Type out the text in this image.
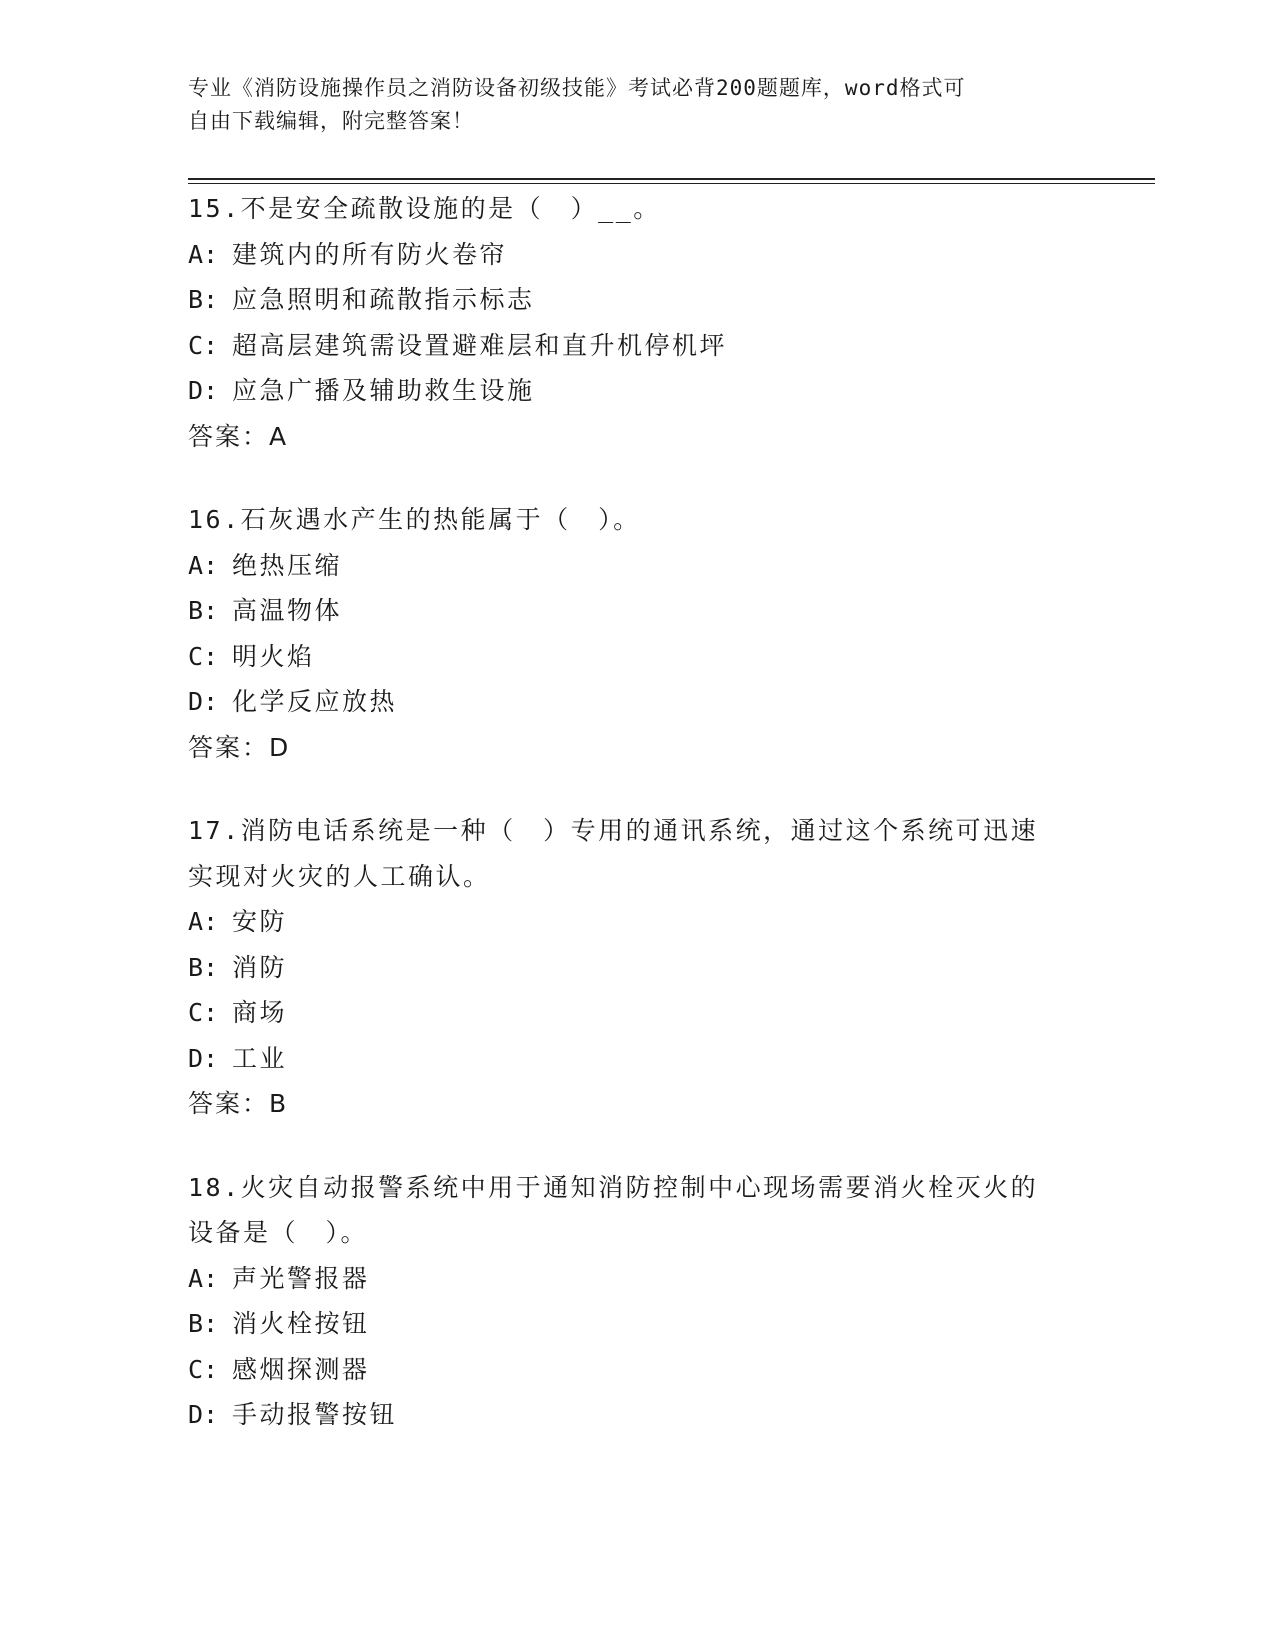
专业《消防设施操作员之消防设备初级技能》考试必背200题题库，word格式可
自由下载编辑，附完整答案！

15.不是安全疏散设施的是（　）__。

A: 建筑内的所有防火卷帘

B: 应急照明和疏散指示标志

C: 超高层建筑需设置避难层和直升机停机坪

D: 应急广播及辅助救生设施

答案：A

16.石灰遇水产生的热能属于（　）。

A: 绝热压缩

B: 高温物体

C: 明火焰

D: 化学反应放热

答案：D

17.消防电话系统是一种（　）专用的通讯系统，通过这个系统可迅速

实现对火灾的人工确认。

A: 安防

B: 消防

C: 商场

D: 工业

答案：B

18.火灾自动报警系统中用于通知消防控制中心现场需要消火栓灭火的

设备是（　）。

A: 声光警报器

B: 消火栓按钮

C: 感烟探测器

D: 手动报警按钮
